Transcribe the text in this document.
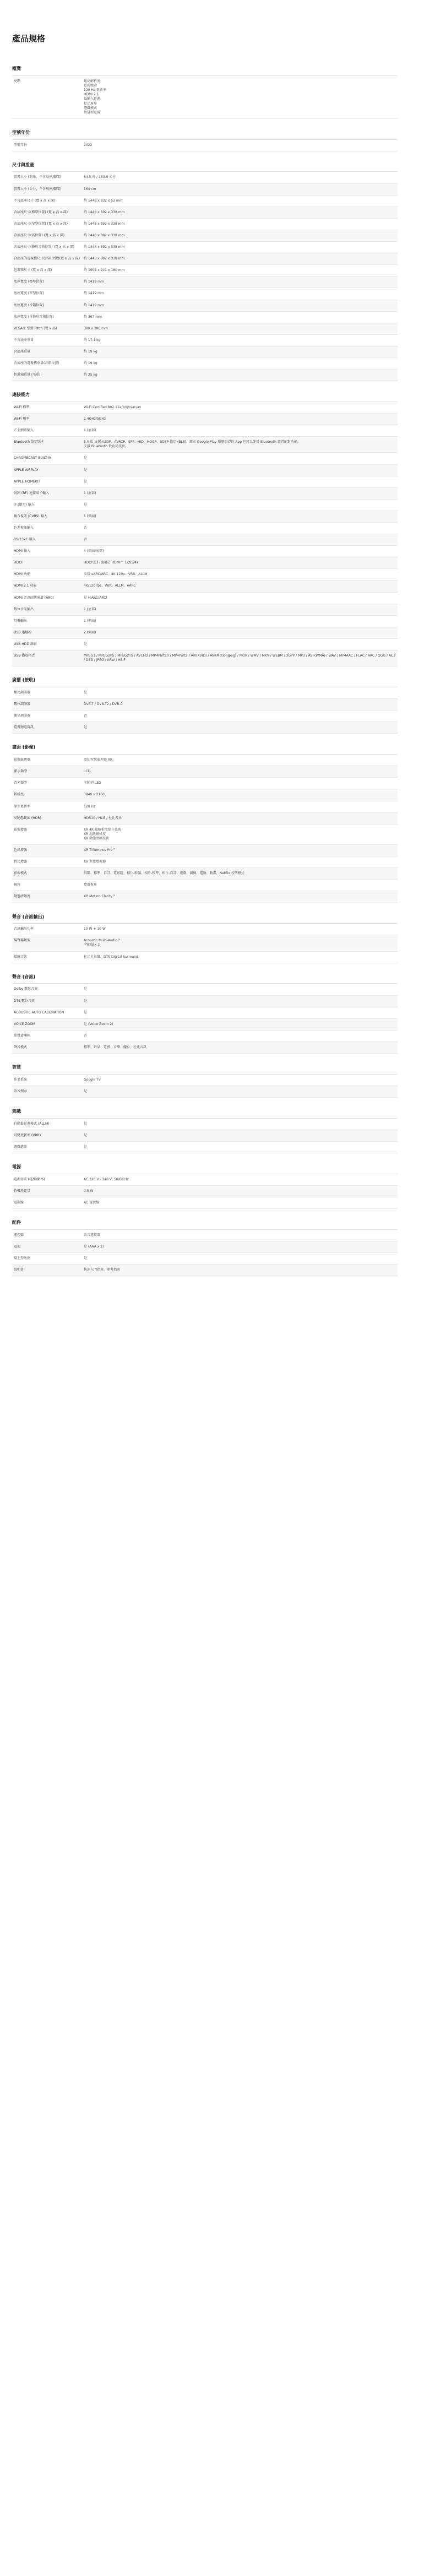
產品規格
概覽
亮點	超高解析度
色彩精確
120 Hz 更新率
HDMI 2.1
低輸入延遲
杜比視界
遊戲模式
智慧型電視
型號年份
型號年份	2022
尺寸與重量
螢幕大小 (對角，不含底座/腳架)	64.5 吋 / 163.9 公分
螢幕大小 (公分，不含底座/腳架)	164 cm
不含底座尺寸 (寬 x 高 x 深)	約 1448 x 832 x 53 mm
含底座尺寸(標準位置) (寬 x 高 x 深)	約 1448 x 892 x 338 mm
含底座尺寸(窄型位置) (寬 x 高 x 深)	約 1448 x 892 x 338 mm
含底座尺寸(高位置) (寬 x 高 x 深)	約 1448 x 892 x 338 mm
含底座尺寸(條形音箱位置) (寬 x 高 x 深)	約 1448 x 892 x 338 mm
含底座的電視機尺寸(音箱位置)(寬 x 高 x 深)	約 1448 x 892 x 338 mm
包裝箱尺寸 (寬 x 高 x 深)	約 1608 x 941 x 180 mm
底座寬度 (標準位置)	約 1419 mm
底座寬度 (窄型位置)	約 1419 mm
底座寬度 (音箱位置)	約 1419 mm
底座寬度 (含條形音箱位置)	約 367 mm
VESA® 壁掛 Pitch (寬 x 高)	300 x 300 mm
不含底座重量	約 17.1 kg
含底座重量	約 19 kg
含底座的電視機重量(音箱位置)	約 19 kg
包裝箱重量 (毛重)	約 25 kg
連接能力
Wi-Fi 標準	Wi-Fi Certified 802.11a/b/g/n/ac/ax
Wi-Fi 頻率	2.4GHz/5GHz
乙太網路輸入	1 (底部)
Bluetooth 協定版本	5.0 版 支援 A2DP、AVRCP、SPP、HID、HOGP、3DSP 協定 (BLE)。經由 Google Play 服務取得的 App 也可以使用 Bluetooth 裝置配對功能。
支援 Bluetooth 低功耗技術。
CHROMECAST BUILT-IN	是
APPLE AIRPLAY	是
APPLE HOMEKIT	是
射頻 (RF) 連接端子輸入	1 (底部)
IF (衛星) 輸入	是
複合視訊 (CVBS) 輸入	1 (側面)
色差視訊輸入	否
RS-232C 輸入	否
HDMI 輸入	4 (側面/底部)
HDCP	HDCP2.3 (適用於 HDMI™ 1/2/3/4)
HDMI 功能	支援 eARC/ARC、4K 120p、VRR、ALLM
HDMI 2.1 功能	4K/120 fps、VRR、ALLM、eARC
HDMI 音訊回傳通道 (ARC)	是 (eARC/ARC)
數位音訊輸出	1 (底部)
耳機輸出	1 (側面)
USB 連接埠	2 (側面)
USB HDD 錄影	是
USB 播放格式	MPEG1 / MPEG2PS / MPEG2TS / AVCHD / MP4Part10 / MP4Part2 / AVI(XVID) / AVI(MotionJpeg) / MOV / WMV / MKV / WEBM / 3GPP / MP3 / ASF(WMA) / WAV / MP4AAC / FLAC / AAC / OGG / AC3 / DSD / JPEG / ARW / HEIF
廣播 (接收)
類比調諧器	是
數位調諧器	DVB-T / DVB-T2 / DVB-C
衛星調諧器	否
電視頻道資訊	是
畫面 (影像)
影像處理器	認知智慧處理器 XR
顯示類型	LCD
背光類型	全陣列 LED
解析度	3840 x 2160
原生更新率	120 Hz
高動態範圍 (HDR)	HDR10 / HLG / 杜比視界
影像增強	XR 4K 超解析度提升技術
XR 超級解析度
XR 動態清晰技術
色彩增強	XR Triluminos Pro™
對比增強	XR 對比增強器
影像模式	鮮豔、標準、自訂、電影院、相片-鮮豔、相片-標準、相片-自訂、遊戲、圖像、運動、動畫、Netflix 校準模式
視角	寬廣視角
動態清晰度	XR Motion Clarity™
聲音 (音訊輸出)
音訊輸出功率	10 W + 10 W
揚聲器類型	Acoustic Multi-Audio™
全範圍 x 2
環繞音效	杜比全景聲、DTS Digital Surround
聲音 (音訊)
Dolby 數位音效	是
DTS 數位音效	是
ACOUSTIC AUTO CALIBRATION	是
VOICE ZOOM	是 (Voice Zoom 2)
單聲道喇叭	否
聲音模式	標準、對話、電影、音樂、體育、杜比音訊
智慧
作業系統	Google TV
語音搜尋	是
遊戲
自動低延遲模式 (ALLM)	是
可變更新率 (VRR)	是
遊戲選單	是
電源
電源需求 (電壓/頻率)	AC 220 V - 240 V, 50/60 Hz
待機耗電量	0.5 W
電源線	AC 電源線
配件
遙控器	語音遙控器
電池	是 (AAA x 2)
桌上型底座	是
說明書	快速入門指南、參考指南
